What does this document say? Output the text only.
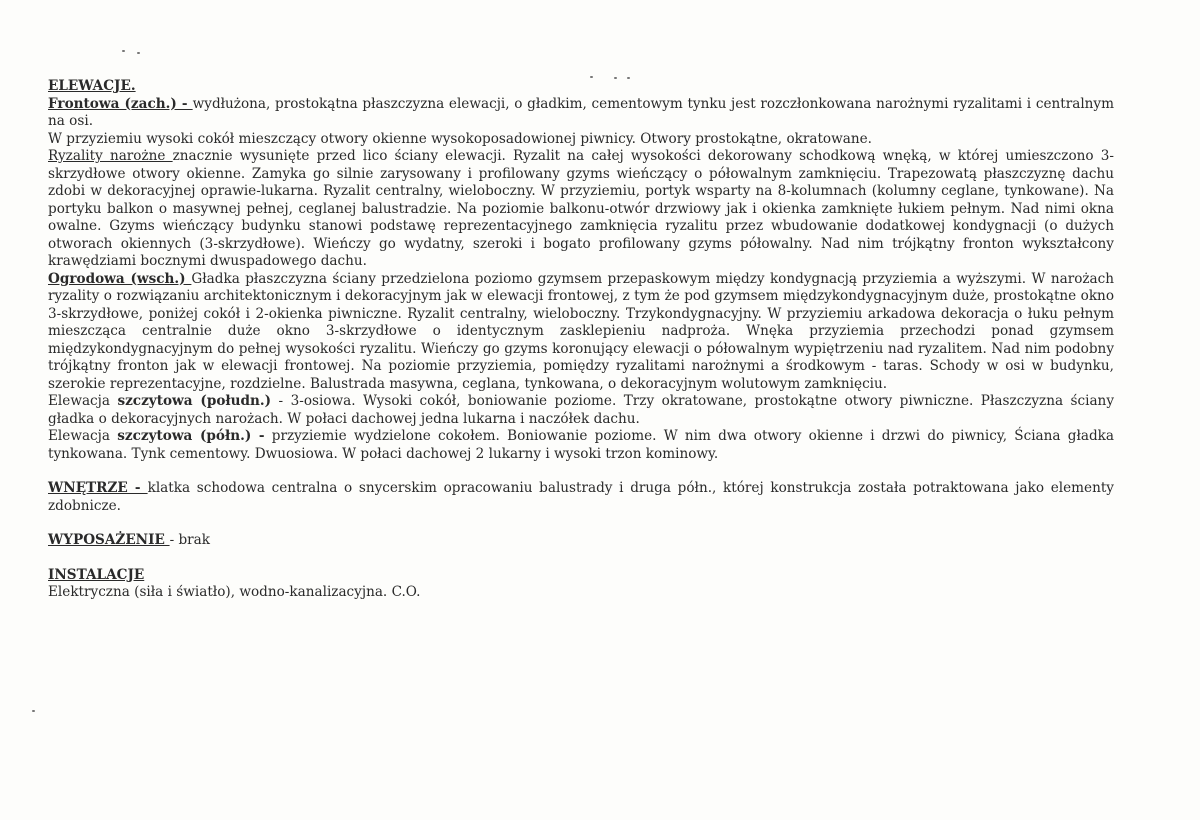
ELEWACJE.

Frontowa (zach.) - wydłużona, prostokątna płaszczyzna elewacji, o gładkim, cementowym tynku jest rozczłonkowana narożnymi ryzalitami i centralnym na osi.

W przyziemiu wysoki cokół mieszczący otwory okienne wysokoposadowionej piwnicy. Otwory prostokątne, okratowane.

Ryzality narożne znacznie wysunięte przed lico ściany elewacji. Ryzalit na całej wysokości dekorowany schodkową wnęką, w której umieszczono 3-skrzydłowe otwory okienne. Zamyka go silnie zarysowany i profilowany gzyms wieńczący o półowalnym zamknięciu. Trapezowatą płaszczyznę dachu zdobi w dekoracyjnej oprawie-lukarna. Ryzalit centralny, wieloboczny. W przyziemiu, portyk wsparty na 8-kolumnach (kolumny ceglane, tynkowane). Na portyku balkon o masywnej pełnej, ceglanej balustradzie. Na poziomie balkonu-otwór drzwiowy jak i okienka zamknięte łukiem pełnym. Nad nimi okna owalne. Gzyms wieńczący budynku stanowi podstawę reprezentacyjnego zamknięcia ryzalitu przez wbudowanie dodatkowej kondygnacji (o dużych otworach okiennych (3-skrzydłowe). Wieńczy go wydatny, szeroki i bogato profilowany gzyms półowalny. Nad nim trójkątny fronton wykształcony krawędziami bocznymi dwuspadowego dachu.

Ogrodowa (wsch.) Gładka płaszczyzna ściany przedzielona poziomo gzymsem przepaskowym między kondygnacją przyziemia a wyższymi. W narożach ryzality o rozwiązaniu architektonicznym i dekoracyjnym jak w elewacji frontowej, z tym że pod gzymsem międzykondygnacyjnym duże, prostokątne okno 3-skrzydłowe, poniżej cokół i 2-okienka piwniczne. Ryzalit centralny, wieloboczny. Trzykondygnacyjny. W przyziemiu arkadowa dekoracja o łuku pełnym mieszcząca centralnie duże okno 3-skrzydłowe o identycznym zasklepieniu nadproża. Wnęka przyziemia przechodzi ponad gzymsem międzykondygnacyjnym do pełnej wysokości ryzalitu. Wieńczy go gzyms koronujący elewacji o półowalnym wypiętrzeniu nad ryzalitem. Nad nim podobny trójkątny fronton jak w elewacji frontowej. Na poziomie przyziemia, pomiędzy ryzalitami narożnymi a środkowym - taras. Schody w osi w budynku, szerokie reprezentacyjne, rozdzielne. Balustrada masywna, ceglana, tynkowana, o dekoracyjnym wolutowym zamknięciu.

Elewacja szczytowa (połudn.) - 3-osiowa. Wysoki cokół, boniowanie poziome. Trzy okratowane, prostokątne otwory piwniczne. Płaszczyzna ściany gładka o dekoracyjnych narożach. W połaci dachowej jedna lukarna i naczółek dachu.

Elewacja szczytowa (półn.) - przyziemie wydzielone cokołem. Boniowanie poziome. W nim dwa otwory okienne i drzwi do piwnicy, Ściana gładka tynkowana. Tynk cementowy. Dwuosiowa. W połaci dachowej 2 lukarny i wysoki trzon kominowy.

WNĘTRZE - klatka schodowa centralna o snycerskim opracowaniu balustrady i druga półn., której konstrukcja została potraktowana jako elementy zdobnicze.

WYPOSAŻENIE - brak

INSTALACJE

Elektryczna (siła i światło), wodno-kanalizacyjna. C.O.
